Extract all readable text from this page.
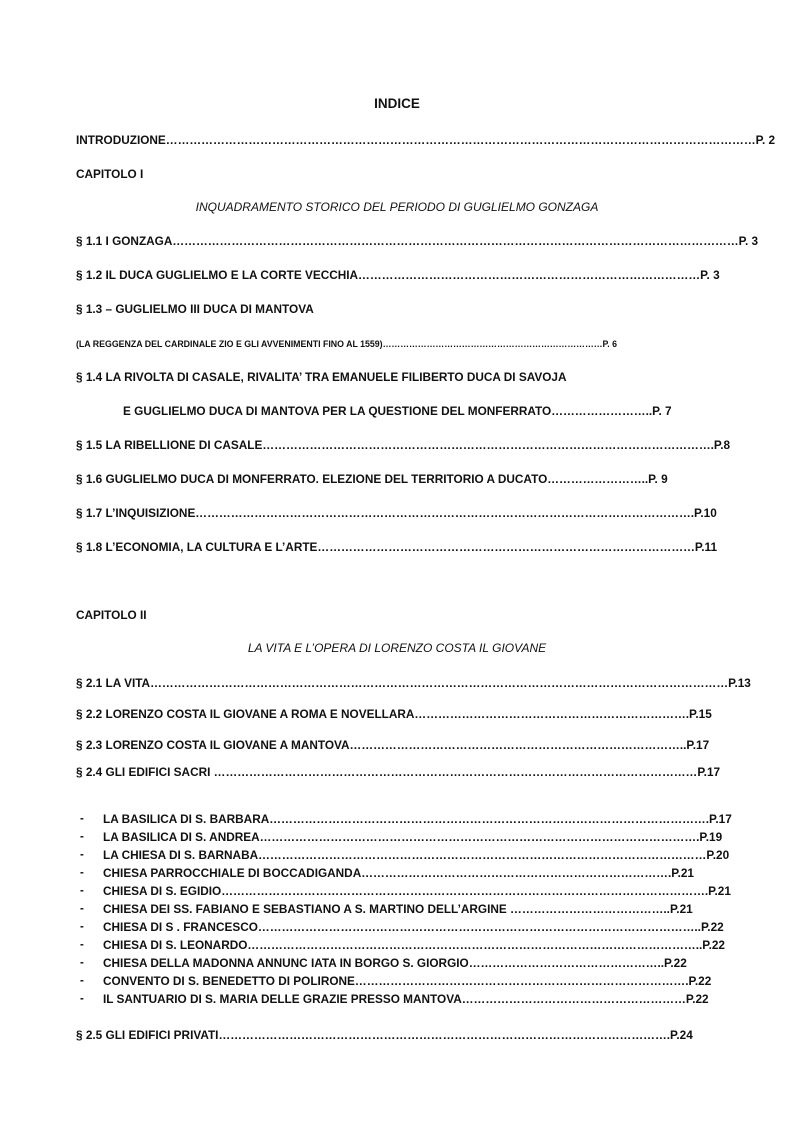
INDICE
INTRODUZIONE……………………………………………………………………………………………………………………………………P. 2
CAPITOLO I
INQUADRAMENTO STORICO DEL PERIODO DI GUGLIELMO GONZAGA
§ 1.1 I GONZAGA………………………………………………………………………………………………………………………………P. 3
§ 1.2 IL DUCA GUGLIELMO E LA CORTE VECCHIA……………………………………………………………………………P. 3
§ 1.3 – GUGLIELMO III DUCA DI MANTOVA
(LA REGGENZA DEL CARDINALE ZIO E GLI AVVENIMENTI FINO AL 1559)…………………………………………………………………P. 6
§ 1.4 LA RIVOLTA DI CASALE, RIVALITA’ TRA EMANUELE FILIBERTO DUCA DI SAVOJA
E GUGLIELMO DUCA DI MANTOVA PER LA QUESTIONE DEL MONFERRATO……………………..P. 7
§ 1.5 LA RIBELLIONE DI CASALE…………………………………………………………………………………………………….P.8
§ 1.6 GUGLIELMO DUCA DI MONFERRATO. ELEZIONE DEL TERRITORIO A DUCATO……………………..P. 9
§ 1.7 L’INQUISIZIONE……………………………………………………………………………………………………………….P.10
§ 1.8 L’ECONOMIA, LA CULTURA E L’ARTE……………………………………………………………………………………P.11
CAPITOLO II
LA VITA E L’OPERA DI LORENZO COSTA IL GIOVANE
§ 2.1 LA VITA…………………………………………………………………………………………………………………………………P.13
§ 2.2 LORENZO COSTA IL GIOVANE A ROMA E NOVELLARA…………………………………………………………….P.15
§ 2.3 LORENZO COSTA IL GIOVANE A MANTOVA…………………………………………………………………………..P.17
§ 2.4 GLI EDIFICI SACRI ……………………………………………………………………………………………………………P.17
- LA BASILICA DI S. BARBARA………………………………………………………………………………………………….P.17
- LA BASILICA DI S. ANDREA………………………………………………………………………………………………….P.19
- LA CHIESA DI S. BARNABA……………………………………………………………………………………………………P.20
- CHIESA PARROCCHIALE DI BOCCADIGANDA…………………………………………………………………….P.21
- CHIESA DI S. EGIDIO…………………………………………………………………………………………………………….P.21
- CHIESA DEI SS. FABIANO E SEBASTIANO A S. MARTINO DELL’ARGINE …………………………………..P.21
- CHIESA DI S . FRANCESCO…………………………………………………………………………………………………..P.22
- CHIESA DI S. LEONARDO……………………………………………………………………………………………………..P.22
- CHIESA DELLA MADONNA ANNUNC IATA IN BORGO S. GIORGIO…………………………………………..P.22
- CONVENTO DI S. BENEDETTO DI POLIRONE………………………………………………………………………….P.22
- IL SANTUARIO DI S. MARIA DELLE GRAZIE PRESSO MANTOVA…………………………………………………P.22
§ 2.5 GLI EDIFICI PRIVATI…………………………………………………………………………………………………….P.24
